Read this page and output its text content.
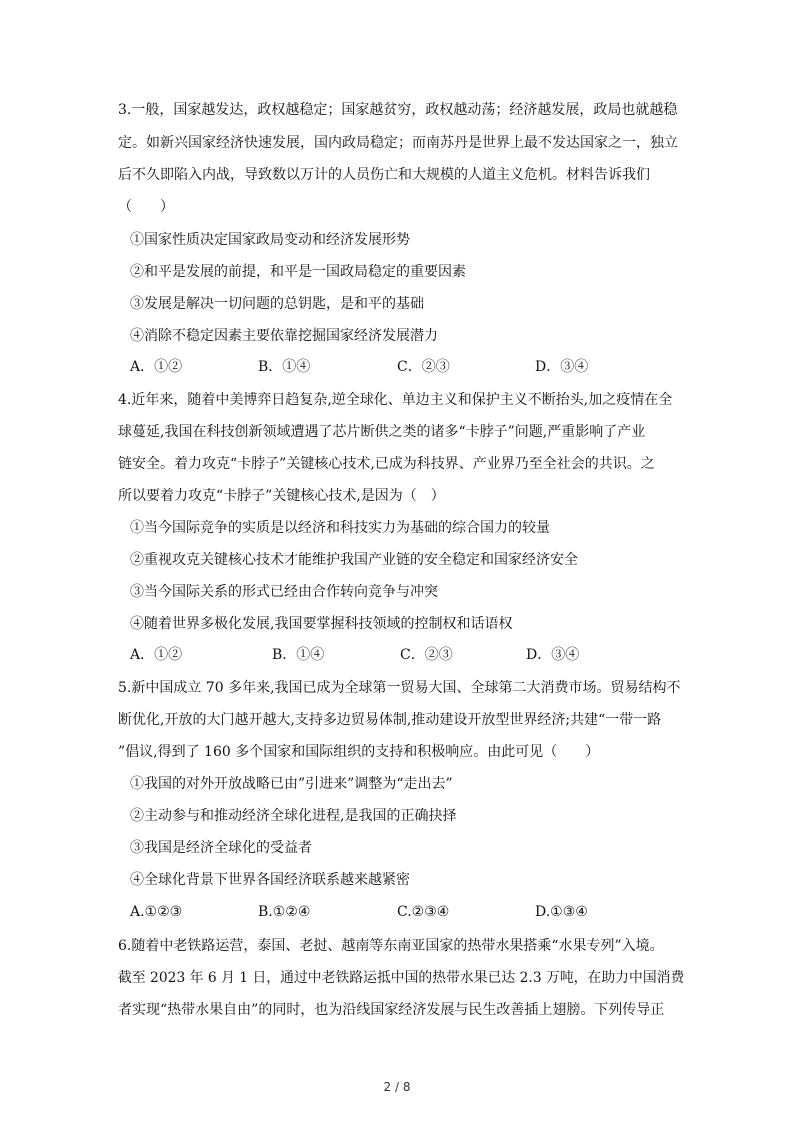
3.一般，国家越发达，政权越稳定；国家越贫穷，政权越动荡；经济越发展，政局也就越稳
定。如新兴国家经济快速发展，国内政局稳定；而南苏丹是世界上最不发达国家之一，独立
后不久即陷入内战，导致数以万计的人员伤亡和大规模的人道主义危机。材料告诉我们
（　　）
①国家性质决定国家政局变动和经济发展形势
②和平是发展的前提，和平是一国政局稳定的重要因素
③发展是解决一切问题的总钥匙，是和平的基础
④消除不稳定因素主要依靠挖掘国家经济发展潜力
A．①②	B．①④	C．②③	D．③④
4.近年来，随着中美博弈日趋复杂,逆全球化、单边主义和保护主义不断抬头,加之疫情在全
球蔓延,我国在科技创新领域遭遇了芯片断供之类的诸多“卡脖子”问题,严重影响了产业
链安全。着力攻克“卡脖子”关键核心技术,已成为科技界、产业界乃至全社会的共识。之
所以要着力攻克“卡脖子”关键核心技术,是因为（　）
①当今国际竞争的实质是以经济和科技实力为基础的综合国力的较量
②重视攻克关键核心技术才能维护我国产业链的安全稳定和国家经济安全
③当今国际关系的形式已经由合作转向竞争与冲突
④随着世界多极化发展,我国要掌握科技领域的控制权和话语权
A．①②	B．①④	C．②③	D．③④
5.新中国成立 70 多年来,我国已成为全球第一贸易大国、全球第二大消费市场。贸易结构不
断优化,开放的大门越开越大,支持多边贸易体制,推动建设开放型世界经济;共建“一带一路
”倡议,得到了 160 多个国家和国际组织的支持和积极响应。由此可见（　　）
①我国的对外开放战略已由”引进来”调整为“走出去”
②主动参与和推动经济全球化进程,是我国的正确抉择
③我国是经济全球化的受益者
④全球化背景下世界各国经济联系越来越紧密
A.①②③	B.①②④	C.②③④	D.①③④
6.随着中老铁路运营，泰国、老挝、越南等东南亚国家的热带水果搭乘“水果专列”入境。
截至 2023 年 6 月 1 日，通过中老铁路运抵中国的热带水果已达 2.3 万吨，在助力中国消费
者实现“热带水果自由”的同时，也为沿线国家经济发展与民生改善插上翅膀。下列传导正
2 / 8
